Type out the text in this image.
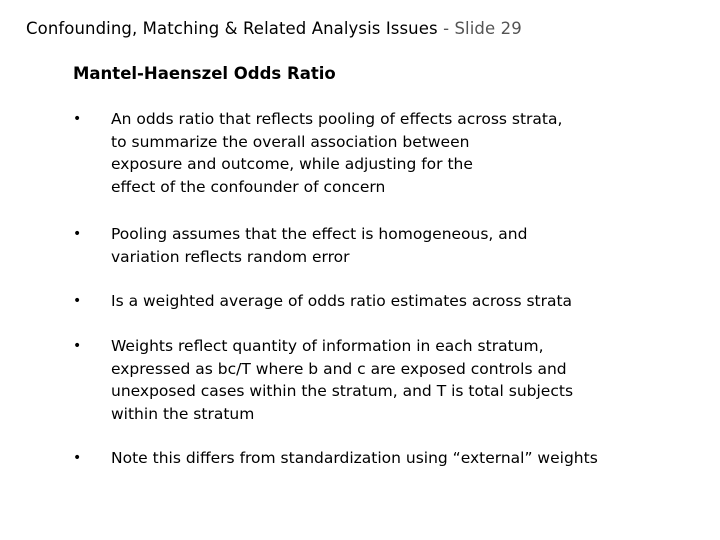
Confounding, Matching & Related Analysis Issues - Slide 29
Mantel-Haenszel Odds Ratio
• An odds ratio that reflects pooling of effects across strata,
to summarize the overall association between
exposure and outcome, while adjusting for the
effect of the confounder of concern
• Pooling assumes that the effect is homogeneous, and
variation reflects random error
• Is a weighted average of odds ratio estimates across strata
• Weights reflect quantity of information in each stratum,
expressed as bc/T where b and c are exposed controls and
unexposed cases within the stratum, and T is total subjects
within the stratum
• Note this differs from standardization using “external” weights
